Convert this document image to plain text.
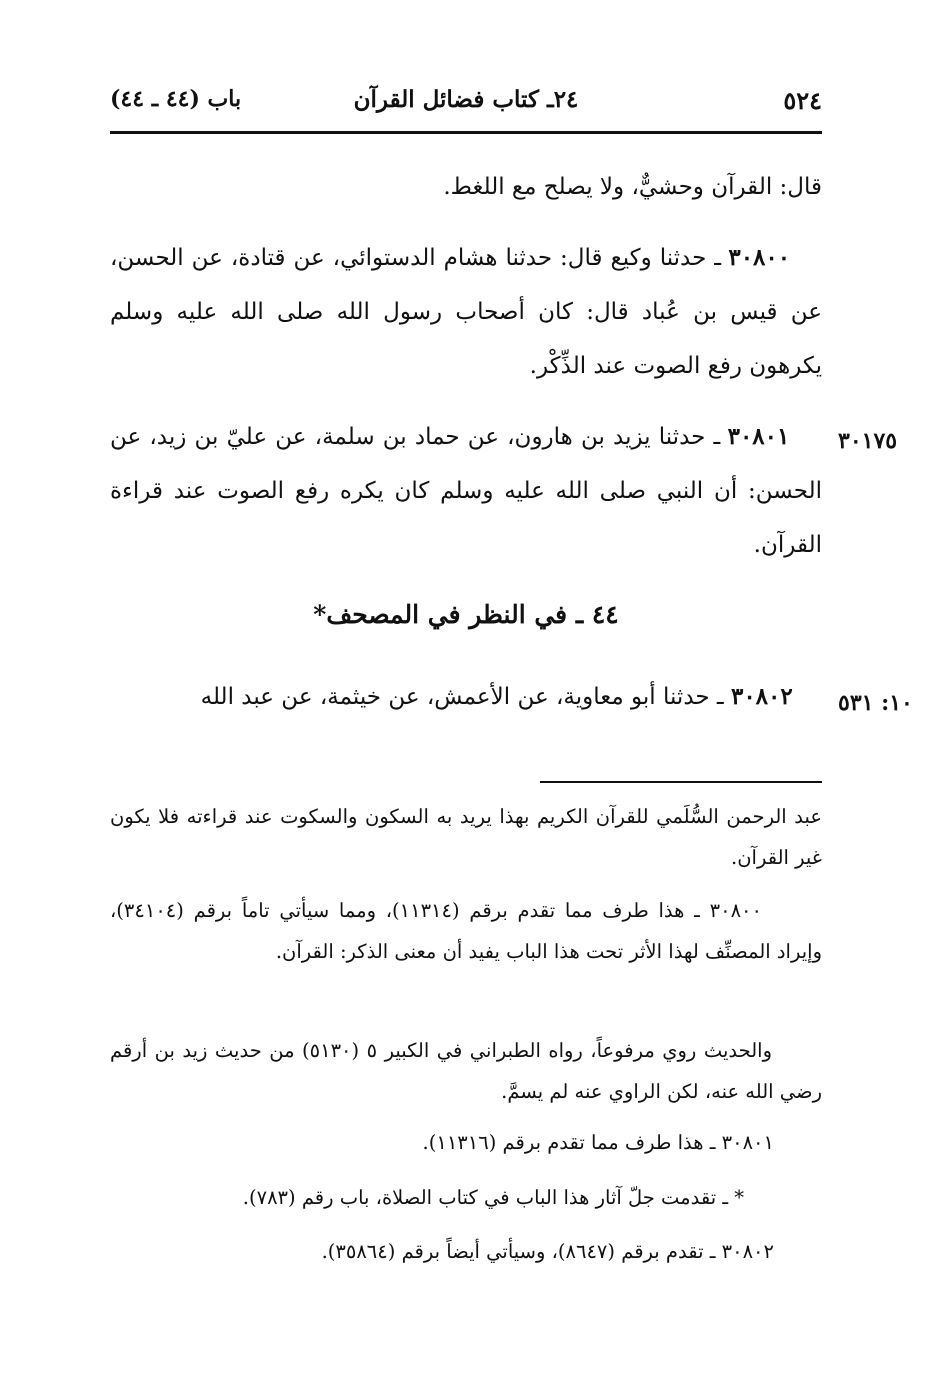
٥٢٤
٢٤ـ كتاب فضائل القرآن
باب (٤٤ ـ ٤٤)

قال: القرآن وحشيٌّ، ولا يصلح مع اللغط.

٣٠٨٠٠ ـ حدثنا وكيع قال: حدثنا هشام الدستوائي، عن قتادة، عن الحسن، عن قيس بن عُباد قال: كان أصحاب رسول الله صلى الله عليه وسلم يكرهون رفع الصوت عند الذِّكْر.

٣٠١٧٥

٣٠٨٠١ ـ حدثنا يزيد بن هارون، عن حماد بن سلمة، عن عليّ بن زيد، عن الحسن: أن النبي صلى الله عليه وسلم كان يكره رفع الصوت عند قراءة القرآن.

٤٤ ـ في النظر في المصحف*
١٠: ٥٣١

٣٠٨٠٢ ـ حدثنا أبو معاوية، عن الأعمش، عن خيثمة، عن عبد الله

عبد الرحمن السُّلَمي للقرآن الكريم بهذا يريد به السكون والسكوت عند قراءته فلا يكون غير القرآن.

٣٠٨٠٠ ـ هذا طرف مما تقدم برقم (١١٣١٤)، ومما سيأتي تاماً برقم (٣٤١٠٤)، وإيراد المصنِّف لهذا الأثر تحت هذا الباب يفيد أن معنى الذكر: القرآن.

والحديث روي مرفوعاً، رواه الطبراني في الكبير ٥ (٥١٣٠) من حديث زيد بن أرقم رضي الله عنه، لكن الراوي عنه لم يسمَّ.

٣٠٨٠١ ـ هذا طرف مما تقدم برقم (١١٣١٦).

* ـ تقدمت جلّ آثار هذا الباب في كتاب الصلاة، باب رقم (٧٨٣).

٣٠٨٠٢ ـ تقدم برقم (٨٦٤٧)، وسيأتي أيضاً برقم (٣٥٨٦٤).
